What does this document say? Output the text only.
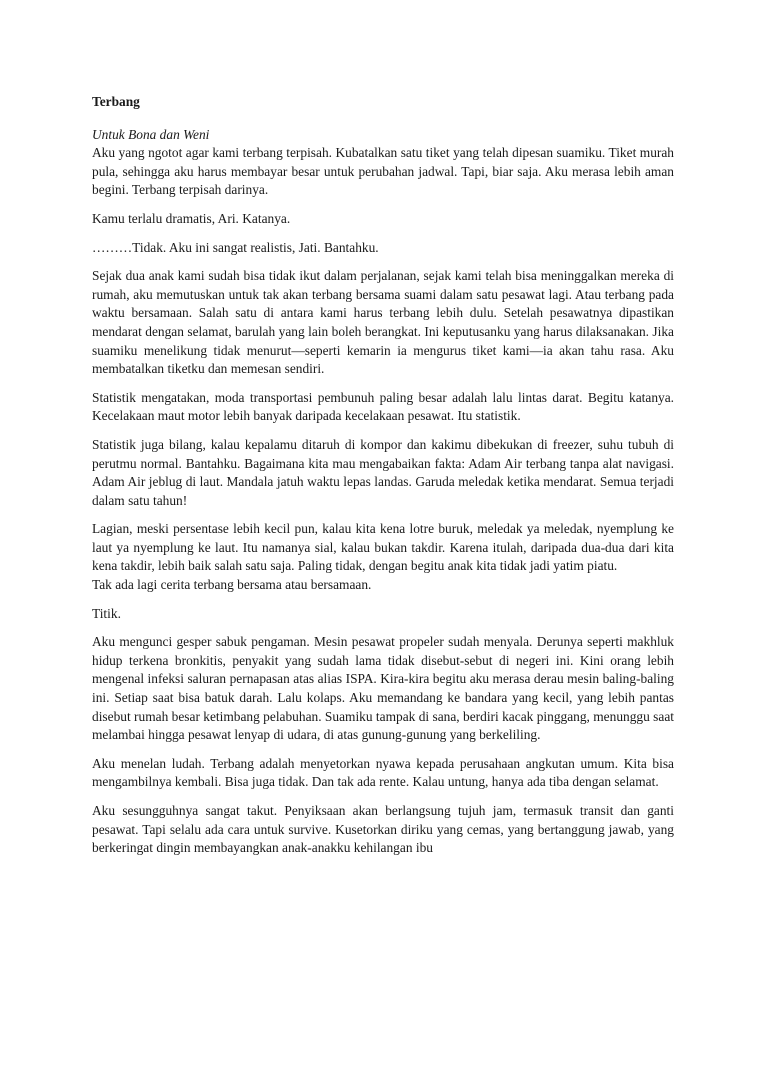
Terbang

Untuk Bona dan Weni

Aku yang ngotot agar kami terbang terpisah. Kubatalkan satu tiket yang telah dipesan suamiku. Tiket murah pula, sehingga aku harus membayar besar untuk perubahan jadwal. Tapi, biar saja. Aku merasa lebih aman begini. Terbang terpisah darinya.

Kamu terlalu dramatis, Ari. Katanya.

………Tidak. Aku ini sangat realistis, Jati. Bantahku.

Sejak dua anak kami sudah bisa tidak ikut dalam perjalanan, sejak kami telah bisa meninggalkan mereka di rumah, aku memutuskan untuk tak akan terbang bersama suami dalam satu pesawat lagi. Atau terbang pada waktu bersamaan. Salah satu di antara kami harus terbang lebih dulu. Setelah pesawatnya dipastikan mendarat dengan selamat, barulah yang lain boleh berangkat. Ini keputusanku yang harus dilaksanakan. Jika suamiku menelikung tidak menurut—seperti kemarin ia mengurus tiket kami—ia akan tahu rasa. Aku membatalkan tiketku dan memesan sendiri.

Statistik mengatakan, moda transportasi pembunuh paling besar adalah lalu lintas darat. Begitu katanya. Kecelakaan maut motor lebih banyak daripada kecelakaan pesawat. Itu statistik.

Statistik juga bilang, kalau kepalamu ditaruh di kompor dan kakimu dibekukan di freezer, suhu tubuh di perutmu normal. Bantahku. Bagaimana kita mau mengabaikan fakta: Adam Air terbang tanpa alat navigasi. Adam Air jeblug di laut. Mandala jatuh waktu lepas landas. Garuda meledak ketika mendarat. Semua terjadi dalam satu tahun!

Lagian, meski persentase lebih kecil pun, kalau kita kena lotre buruk, meledak ya meledak, nyemplung ke laut ya nyemplung ke laut. Itu namanya sial, kalau bukan takdir. Karena itulah, daripada dua-dua dari kita kena takdir, lebih baik salah satu saja. Paling tidak, dengan begitu anak kita tidak jadi yatim piatu.

Tak ada lagi cerita terbang bersama atau bersamaan.

Titik.

Aku mengunci gesper sabuk pengaman. Mesin pesawat propeler sudah menyala. Derunya seperti makhluk hidup terkena bronkitis, penyakit yang sudah lama tidak disebut-sebut di negeri ini. Kini orang lebih mengenal infeksi saluran pernapasan atas alias ISPA. Kira-kira begitu aku merasa derau mesin baling-baling ini. Setiap saat bisa batuk darah. Lalu kolaps. Aku memandang ke bandara yang kecil, yang lebih pantas disebut rumah besar ketimbang pelabuhan. Suamiku tampak di sana, berdiri kacak pinggang, menunggu saat melambai hingga pesawat lenyap di udara, di atas gunung-gunung yang berkeliling.

Aku menelan ludah. Terbang adalah menyetorkan nyawa kepada perusahaan angkutan umum. Kita bisa mengambilnya kembali. Bisa juga tidak. Dan tak ada rente. Kalau untung, hanya ada tiba dengan selamat.

Aku sesungguhnya sangat takut. Penyiksaan akan berlangsung tujuh jam, termasuk transit dan ganti pesawat. Tapi selalu ada cara untuk survive. Kusetorkan diriku yang cemas, yang bertanggung jawab, yang berkeringat dingin membayangkan anak-anakku kehilangan ibu
